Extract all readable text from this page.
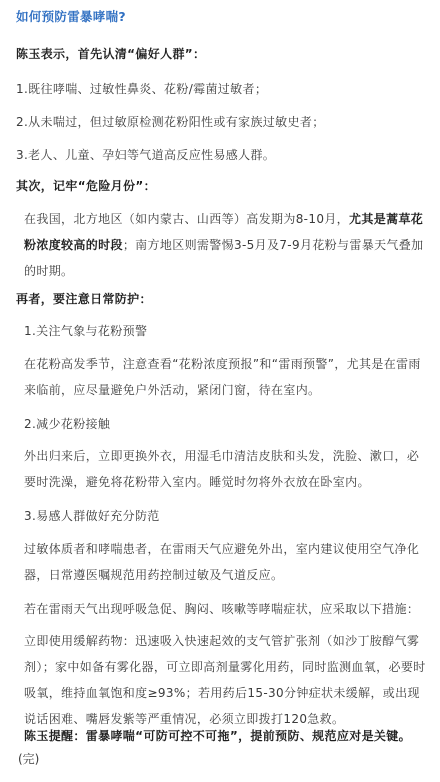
如何预防雷暴哮喘?
陈玉表示，首先认清“偏好人群”：
1.既往哮喘、过敏性鼻炎、花粉/霉菌过敏者；
2.从未喘过，但过敏原检测花粉阳性或有家族过敏史者；
3.老人、儿童、孕妇等气道高反应性易感人群。
其次，记牢“危险月份”：
在我国，北方地区（如内蒙古、山西等）高发期为8-10月，尤其是蒿草花粉浓度较高的时段；南方地区则需警惕3-5月及7-9月花粉与雷暴天气叠加的时期。
再者，要注意日常防护：
1.关注气象与花粉预警
在花粉高发季节，注意查看“花粉浓度预报”和“雷雨预警”，尤其是在雷雨来临前，应尽量避免户外活动，紧闭门窗，待在室内。
2.减少花粉接触
外出归来后，立即更换外衣，用湿毛巾清洁皮肤和头发，洗脸、漱口，必要时洗澡，避免将花粉带入室内。睡觉时勿将外衣放在卧室内。
3.易感人群做好充分防范
过敏体质者和哮喘患者，在雷雨天气应避免外出，室内建议使用空气净化器，日常遵医嘱规范用药控制过敏及气道反应。
若在雷雨天气出现呼吸急促、胸闷、咳嗽等哮喘症状，应采取以下措施：
立即使用缓解药物：迅速吸入快速起效的支气管扩张剂（如沙丁胺醇气雾剂）；家中如备有雾化器，可立即高剂量雾化用药，同时监测血氧，必要时吸氧，维持血氧饱和度≥93%；若用药后15-30分钟症状未缓解，或出现说话困难、嘴唇发紫等严重情况，必须立即拨打120急救。
陈玉提醒：雷暴哮喘“可防可控不可拖”，提前预防、规范应对是关键。
(完)
